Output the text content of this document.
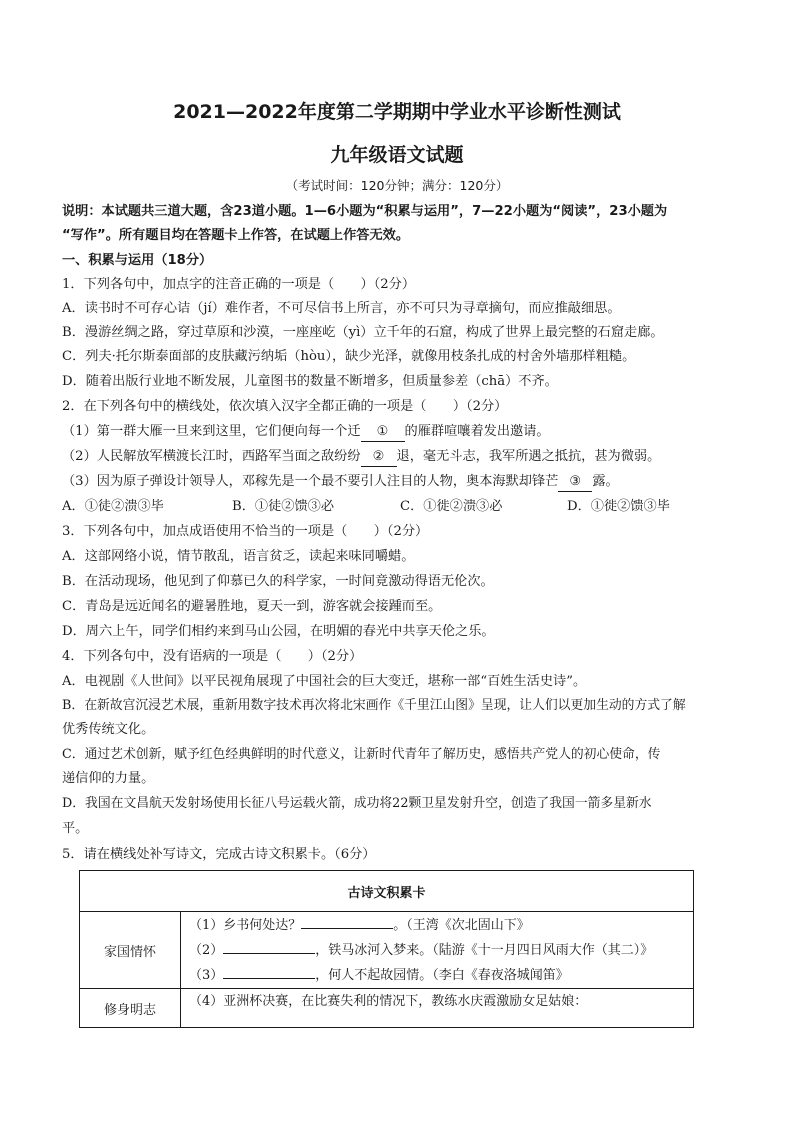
2021—2022年度第二学期期中学业水平诊断性测试
九年级语文试题
（考试时间：120分钟；满分：120分）
说明：本试题共三道大题，含23道小题。1—6小题为“积累与运用”，7—22小题为“阅读”，23小题为
“写作”。所有题目均在答题卡上作答，在试题上作答无效。
一、积累与运用（18分）
1．下列各句中，加点字的注音正确的一项是（　　）（2分）
A．读书时不可存心诘（jí）难作者，不可尽信书上所言，亦不可只为寻章摘句，而应推敲细思。
B．漫游丝绸之路，穿过草原和沙漠，一座座屹（yì）立千年的石窟，构成了世界上最完整的石窟走廊。
C．列夫·托尔斯泰面部的皮肤藏污纳垢（hòu），缺少光泽，就像用枝条扎成的村舍外墙那样粗糙。
D．随着出版行业地不断发展，儿童图书的数量不断增多，但质量参差（chā）不齐。
2．在下列各句中的横线处，依次填入汉字全都正确的一项是（　　）（2分）
（1）第一群大雁一旦来到这里，它们便向每一个迁 ① 的雁群喧嚷着发出邀请。
（2）人民解放军横渡长江时，西路军当面之敌纷纷 ② 退，毫无斗志，我军所遇之抵抗，甚为微弱。
（3）因为原子弹设计领导人，邓稼先是一个最不要引人注目的人物，奥本海默却锋芒 ③ 露。
A．①徒②溃③毕	B．①徒②馈③必	C．①徙②溃③必	D．①徙②馈③毕
3．下列各句中，加点成语使用不恰当的一项是（　　）（2分）
A．这部网络小说，情节散乱，语言贫乏，读起来味同嚼蜡。
B．在活动现场，他见到了仰慕已久的科学家，一时间竟激动得语无伦次。
C．青岛是远近闻名的避暑胜地，夏天一到，游客就会接踵而至。
D．周六上午，同学们相约来到马山公园，在明媚的春光中共享天伦之乐。
4．下列各句中，没有语病的一项是（　　）（2分）
A．电视剧《人世间》以平民视角展现了中国社会的巨大变迁，堪称一部“百姓生活史诗”。
B．在新故宫沉浸艺术展，重新用数字技术再次将北宋画作《千里江山图》呈现，让人们以更加生动的方式了解
优秀传统文化。
C．通过艺术创新，赋予红色经典鲜明的时代意义，让新时代青年了解历史，感悟共产党人的初心使命，传
递信仰的力量。
D．我国在文昌航天发射场使用长征八号运载火箭，成功将22颗卫星发射升空，创造了我国一箭多星新水
平。
5．请在横线处补写诗文，完成古诗文积累卡。（6分）
古诗文积累卡	
家国情怀	（1）乡书何处达？ 。（王湾《次北固山下》
（2） ，铁马冰河入梦来。（陆游《十一月四日风雨大作（其二）》
（3） ，何人不起故园情。（李白《春夜洛城闻笛》

修身明志	（4）亚洲杯决赛，在比赛失利的情况下，教练水庆霞激励女足姑娘：
